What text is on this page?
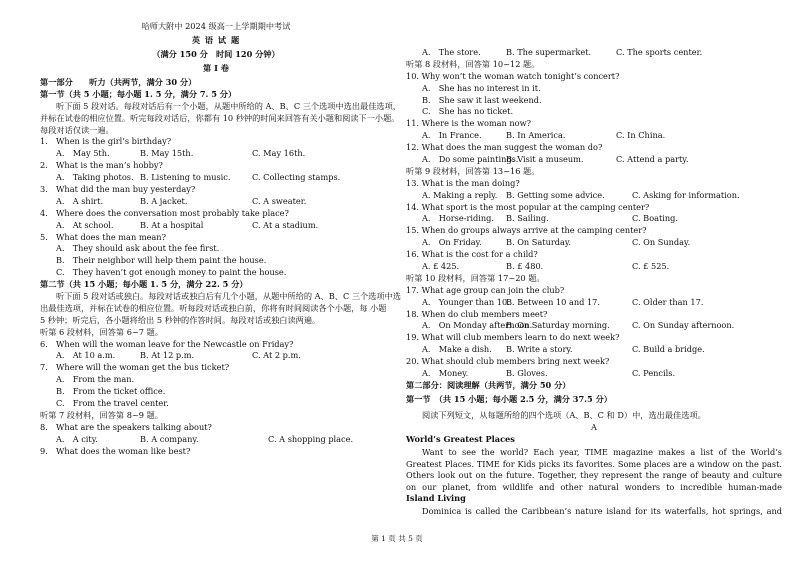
哈师大附中 2024 级高一上学期期中考试
英 语 试 题
（满分 150 分　时间 120 分钟）
第 I 卷
第一部分　　听力（共两节，满分 30 分）
第一节（共 5 小题；每小题 1. 5 分，满分 7. 5 分）
听下面 5 段对话。每段对话后有一个小题，从题中所给的 A、B、C 三个选项中选出最佳选项，
并标在试卷的相应位置。听完每段对话后，你都有 10 秒钟的时间来回答有关小题和阅读下一小题。
每段对话仅读一遍。
1.　When is the girl’s birthday?
A.　May 5th.	B. May 15th.	C. May 16th.
2.　What is the man’s hobby?
A.　Taking photos. B. Listening to music.	C. Collecting stamps.
3.　What did the man buy yesterday?
A.　A shirt.	B. A jacket.	C. A sweater.
4.　Where does the conversation most probably take place?
A.　At school.	B. At a hospital	C. At a stadium.
5.　What does the man mean?
A.　They should ask about the fee first.
B.　Their neighbor will help them paint the house.
C.　They haven’t got enough money to paint the house.
第二节（共 15 小题；每小题 1. 5 分，满分 22. 5 分）
听下面 5 段对话或独白。每段对话或独白后有几个小题，从题中所给的 A、B、C 三个选项中选
出最佳选项，并标在试卷的相应位置。听每段对话或独白前，你将有时间阅读各个小题，每 小题
5 秒钟；听完后，各小题将给出 5 秒钟的作答时间。每段对话或独白读两遍。
听第 6 段材料，回答第 6~7 题。
6.　When will the woman leave for the Newcastle on Friday?
A.　At 10 a.m.	B. At 12 p.m.	C. At 2 p.m.
7.　Where will the woman get the bus ticket?
A.　From the man.
B.　From the ticket office.
C.　From the travel center.
听第 7 段材料，回答第 8~9 题。
8.　What are the speakers talking about?
A.　A city.	B. A company.	C. A shopping place.
9.　What does the woman like best?
A.　The store.	B. The supermarket.	C. The sports center.
听第 8 段材料，回答第 10~12 题。
10. Why won’t the woman watch tonight’s concert?
A.　She has no interest in it.
B.　She saw it last weekend.
C.　She has no ticket.
11. Where is the woman now?
A.　In France.	B. In America.	C. In China.
12. What does the man suggest the woman do?
A.　Do some paintings.
B. Visit a museum.	C. Attend a party.
听第 9 段材料，回答第 13~16 题。
13. What is the man doing?
A. Making a reply. B. Getting some advice.	C. Asking for information.
14. What sport is the most popular at the camping center?
A.　Horse-riding. B. Sailing.	C. Boating.
15. When do groups always arrive at the camping center?
A.　On Friday.	B. On Saturday.	C. On Sunday.
16. What is the cost for a child?
A. £ 425.	B. £ 480.	C. £ 525.
听第 10 段材料，回答第 17~20 题。
17. What age group can join the club?
A.　Younger than 10.
B. Between 10 and 17.	C. Older than 17.
18. When do club members meet?
A.　On Monday afternoon.
B. On Saturday morning.	C. On Sunday afternoon.
19. What will club members learn to do next week?
A.　Make a dish. B. Write a story.	C. Build a bridge.
20. What should club members bring next week?
A.　Money.	B. Gloves.	C. Pencils.
第二部分：阅读理解（共两节，满分 50 分）
第一节　（共 15 小题；每小题 2.5 分，满分 37.5 分）
阅读下列短文，从每题所给的四个选项（A、B、C 和 D）中，选出最佳选项。
A
World’s Greatest Places
Want to see the world? Each year, TIME magazine makes a list of the World’s Greatest Places. TIME for Kids picks its favorites. Some places are a window on the past. Others look out on the future. Together, they represent the range of beauty and culture on our planet, from wildlife and other natural wonders to incredible human-made
Island Living
Dominica is called the Caribbean’s nature island for its waterfalls, hot springs, and
第 1 页 共 5 页
